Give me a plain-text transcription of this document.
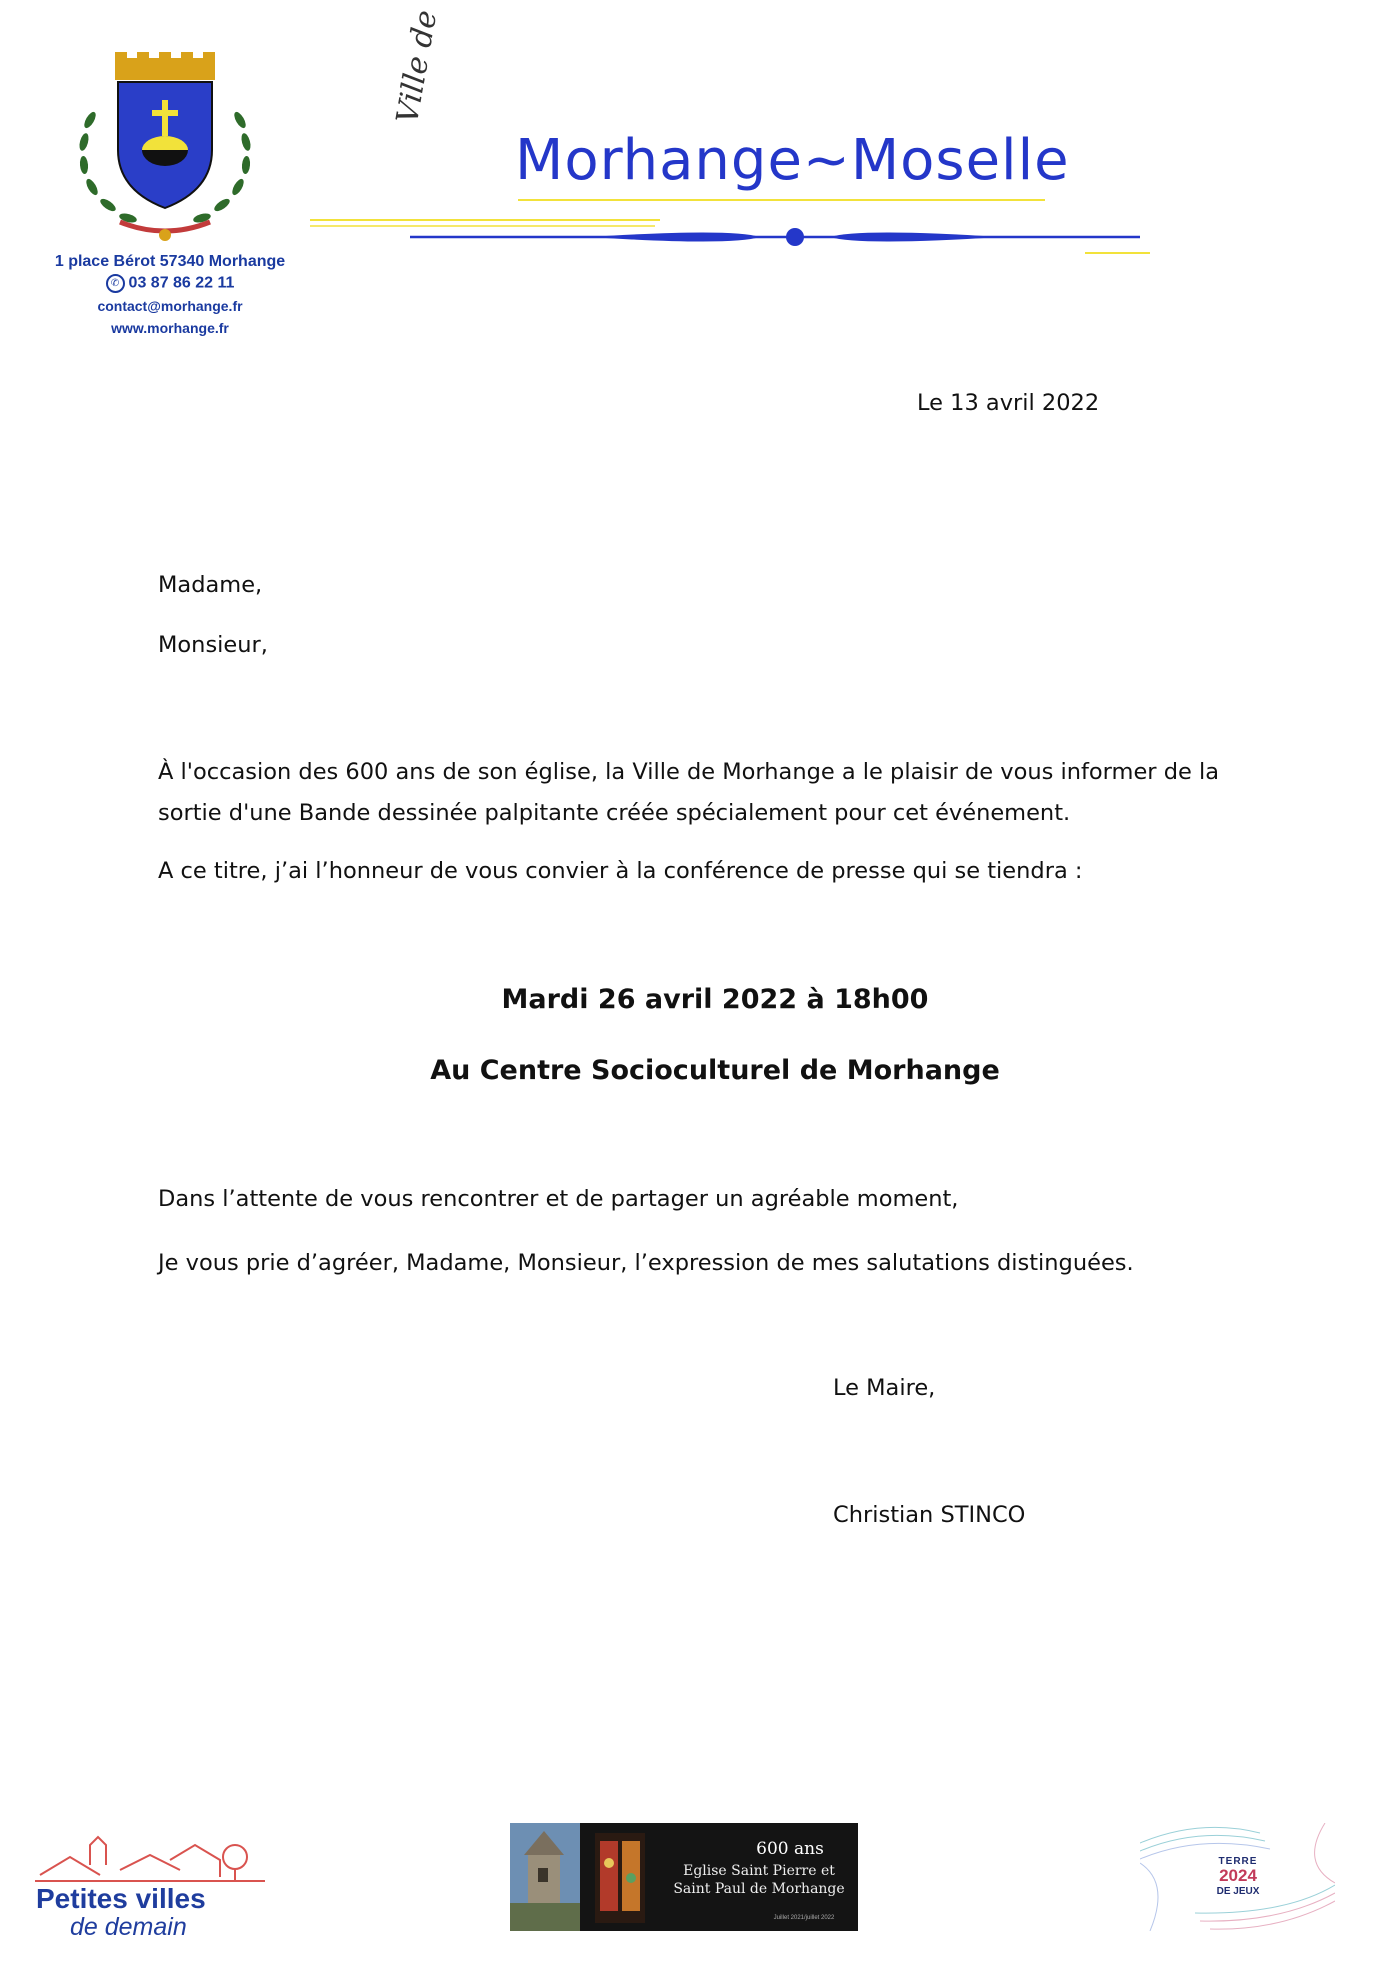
1 place Bérot 57340 Morhange
✆ 03 87 86 22 11
contact@morhange.fr
www.morhange.fr
Ville de
Morhange~Moselle
Le 13 avril 2022
Madame,
Monsieur,
À l'occasion des 600 ans de son église, la Ville de Morhange a le plaisir de vous informer de la sortie d'une Bande dessinée palpitante créée spécialement pour cet événement.
A ce titre, j’ai l’honneur de vous convier à la conférence de presse qui se tiendra :
Mardi 26 avril 2022 à 18h00
Au Centre Socioculturel de Morhange
Dans l’attente de vous rencontrer et de partager un agréable moment,
Je vous prie d’agréer, Madame, Monsieur, l’expression de mes salutations distinguées.
Le Maire,
Christian STINCO
Petites villes
de demain
600 ans
Eglise Saint Pierre et
Saint Paul de Morhange
Juillet 2021/juillet 2022
TERRE
2024
DE JEUX
